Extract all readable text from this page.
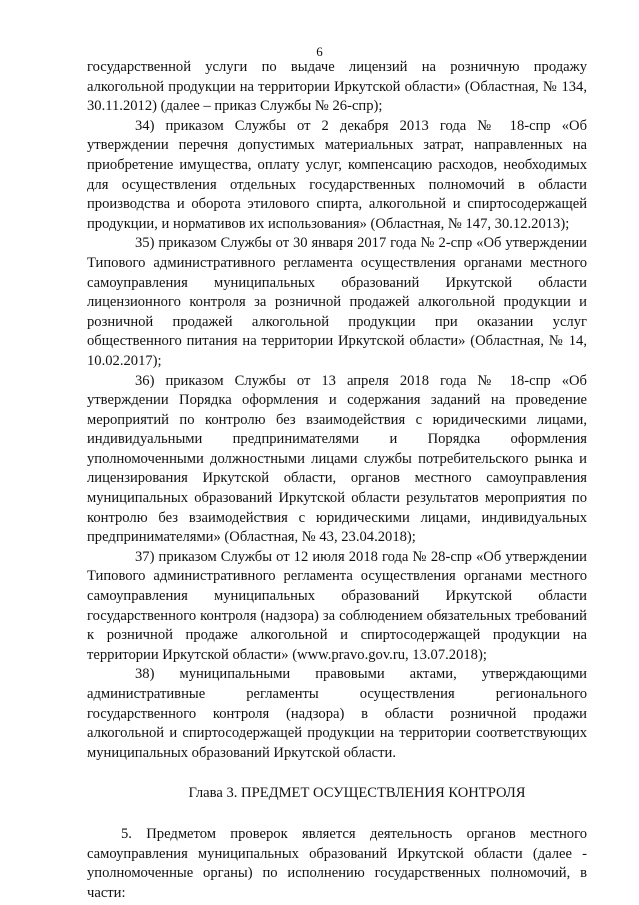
6

государственной услуги по выдаче лицензий на розничную продажу алкогольной продукции на территории Иркутской области» (Областная, № 134, 30.11.2012) (далее – приказ Службы № 26-спр);

34) приказом Службы от 2 декабря 2013 года № 18-спр «Об утверждении перечня допустимых материальных затрат, направленных на приобретение имущества, оплату услуг, компенсацию расходов, необходимых для осуществления отдельных государственных полномочий в области производства и оборота этилового спирта, алкогольной и спиртосодержащей продукции, и нормативов их использования» (Областная, № 147, 30.12.2013);

35) приказом Службы от 30 января 2017 года № 2-спр «Об утверждении Типового административного регламента осуществления органами местного самоуправления муниципальных образований Иркутской области лицензионного контроля за розничной продажей алкогольной продукции и розничной продажей алкогольной продукции при оказании услуг общественного питания на территории Иркутской области» (Областная, № 14, 10.02.2017);

36) приказом Службы от 13 апреля 2018 года № 18-спр «Об утверждении Порядка оформления и содержания заданий на проведение мероприятий по контролю без взаимодействия с юридическими лицами, индивидуальными предпринимателями и Порядка оформления уполномоченными должностными лицами службы потребительского рынка и лицензирования Иркутской области, органов местного самоуправления муниципальных образований Иркутской области результатов мероприятия по контролю без взаимодействия с юридическими лицами, индивидуальных предпринимателями» (Областная, № 43, 23.04.2018);

37) приказом Службы от 12 июля 2018 года № 28-спр «Об утверждении Типового административного регламента осуществления органами местного самоуправления муниципальных образований Иркутской области государственного контроля (надзора) за соблюдением обязательных требований к розничной продаже алкогольной и спиртосодержащей продукции на территории Иркутской области» (www.pravo.gov.ru, 13.07.2018);

38) муниципальными правовыми актами, утверждающими административные регламенты осуществления регионального государственного контроля (надзора) в области розничной продажи алкогольной и спиртосодержащей продукции на территории соответствующих муниципальных образований Иркутской области.

Глава 3. ПРЕДМЕТ ОСУЩЕСТВЛЕНИЯ КОНТРОЛЯ

5. Предметом проверок является деятельность органов местного самоуправления муниципальных образований Иркутской области (далее - уполномоченные органы) по исполнению государственных полномочий, в части:
